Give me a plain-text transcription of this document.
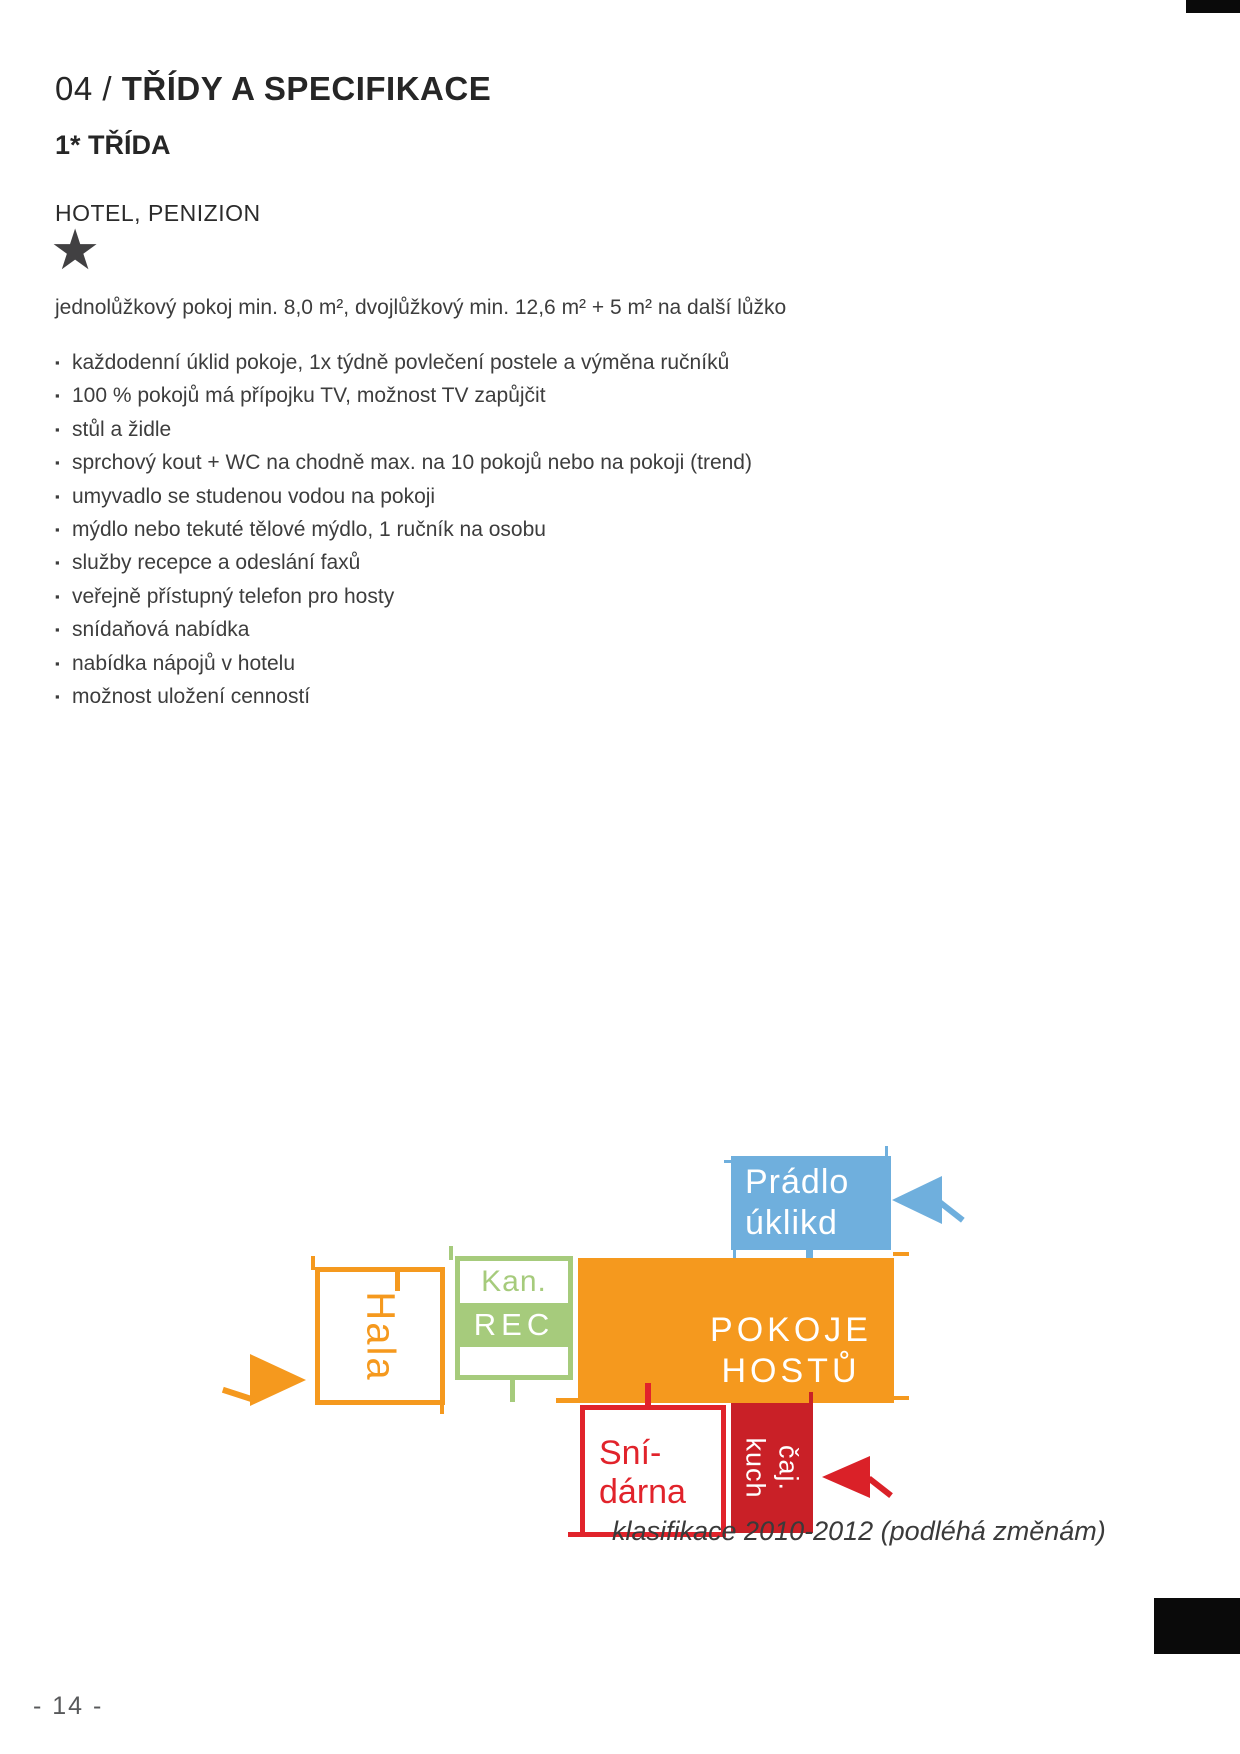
04 / TŘÍDY A SPECIFIKACE
1* TŘÍDA
HOTEL, PENIZION
★
jednolůžkový pokoj min. 8,0 m², dvojlůžkový min. 12,6 m² + 5 m² na další lůžko
▪ každodenní úklid pokoje, 1x týdně povlečení postele a výměna ručníků
▪ 100 % pokojů má přípojku TV, možnost TV zapůjčit
▪ stůl a židle
▪ sprchový kout + WC na chodně max. na 10 pokojů nebo na pokoji (trend)
▪ umyvadlo se studenou vodou na pokoji
▪ mýdlo nebo tekuté tělové mýdlo, 1 ručník na osobu
▪ služby recepce a odeslání faxů
▪ veřejně přístupný telefon pro hosty
▪ snídaňová nabídka
▪ nabídka nápojů v hotelu
▪ možnost uložení cenností
Prádlo
úklikd
Hala
Kan.
REC	POKOJE
HOSTŮ
Sní-
dárna
čaj.
kuch
klasifikace 2010-2012 (podléhá změnám)
- 14 -
